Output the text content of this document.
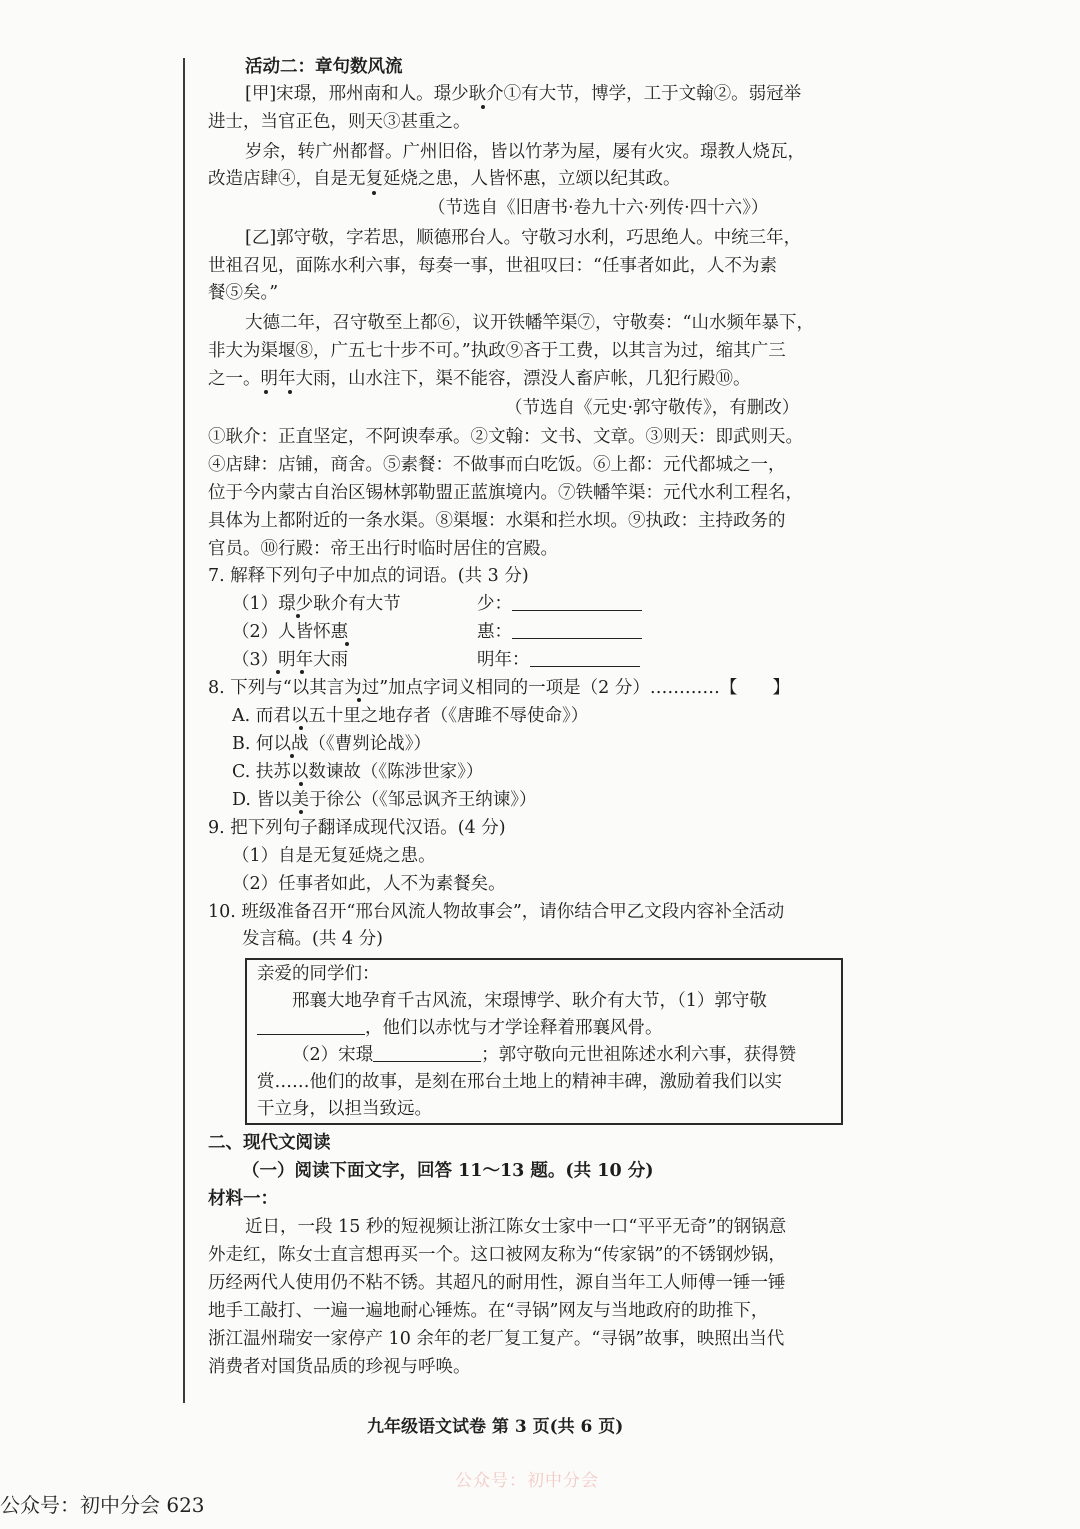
活动二：章句数风流
[甲]宋璟，邢州南和人。璟少耿介①有大节，博学，工于文翰②。弱冠举
进士，当官正色，则天③甚重之。
岁余，转广州都督。广州旧俗，皆以竹茅为屋，屡有火灾。璟教人烧瓦，
改造店肆④，自是无复延烧之患，人皆怀惠，立颂以纪其政。
（节选自《旧唐书·卷九十六·列传·四十六》）
[乙]郭守敬，字若思，顺德邢台人。守敬习水利，巧思绝人。中统三年，
世祖召见，面陈水利六事，每奏一事，世祖叹曰：“任事者如此，人不为素
餐⑤矣。”
大德二年，召守敬至上都⑥，议开铁幡竿渠⑦，守敬奏：“山水频年暴下，
非大为渠堰⑧，广五七十步不可。”执政⑨吝于工费，以其言为过，缩其广三
之一。明年大雨，山水注下，渠不能容，漂没人畜庐帐，几犯行殿⑩。
（节选自《元史·郭守敬传》，有删改）
①耿介：正直坚定，不阿谀奉承。②文翰：文书、文章。③则天：即武则天。
④店肆：店铺，商舍。⑤素餐：不做事而白吃饭。⑥上都：元代都城之一，
位于今内蒙古自治区锡林郭勒盟正蓝旗境内。⑦铁幡竿渠：元代水利工程名，
具体为上都附近的一条水渠。⑧渠堰：水渠和拦水坝。⑨执政：主持政务的
官员。⑩行殿：帝王出行时临时居住的宫殿。
7. 解释下列句子中加点的词语。(共 3 分)
（1）璟少耿介有大节	少：
（2）人皆怀惠	惠：
（3）明年大雨	明年：
8. 下列与“以其言为过”加点字词义相同的一项是（2 分）…………【　　】
A. 而君以五十里之地存者（《唐雎不辱使命》）
B. 何以战（《曹刿论战》）
C. 扶苏以数谏故（《陈涉世家》）
D. 皆以美于徐公（《邹忌讽齐王纳谏》）
9. 把下列句子翻译成现代汉语。(4 分)
（1）自是无复延烧之患。
（2）任事者如此，人不为素餐矣。
10. 班级准备召开“邢台风流人物故事会”，请你结合甲乙文段内容补全活动
发言稿。(共 4 分)
亲爱的同学们：
邢襄大地孕育千古风流，宋璟博学、耿介有大节，（1）郭守敬
，他们以赤忱与才学诠释着邢襄风骨。
（2）宋璟	；郭守敬向元世祖陈述水利六事，获得赞
赏……他们的故事，是刻在邢台土地上的精神丰碑，激励着我们以实
干立身，以担当致远。
二、现代文阅读
（一）阅读下面文字，回答 11～13 题。(共 10 分)
材料一：
近日，一段 15 秒的短视频让浙江陈女士家中一口“平平无奇”的钢锅意
外走红，陈女士直言想再买一个。这口被网友称为“传家锅”的不锈钢炒锅，
历经两代人使用仍不粘不锈。其超凡的耐用性，源自当年工人师傅一锤一锤
地手工敲打、一遍一遍地耐心锤炼。在“寻锅”网友与当地政府的助推下，
浙江温州瑞安一家停产 10 余年的老厂复工复产。“寻锅”故事，映照出当代
消费者对国货品质的珍视与呼唤。
九年级语文试卷 第 3 页(共 6 页)
公众号：初中分会
公众号：初中分会 623
